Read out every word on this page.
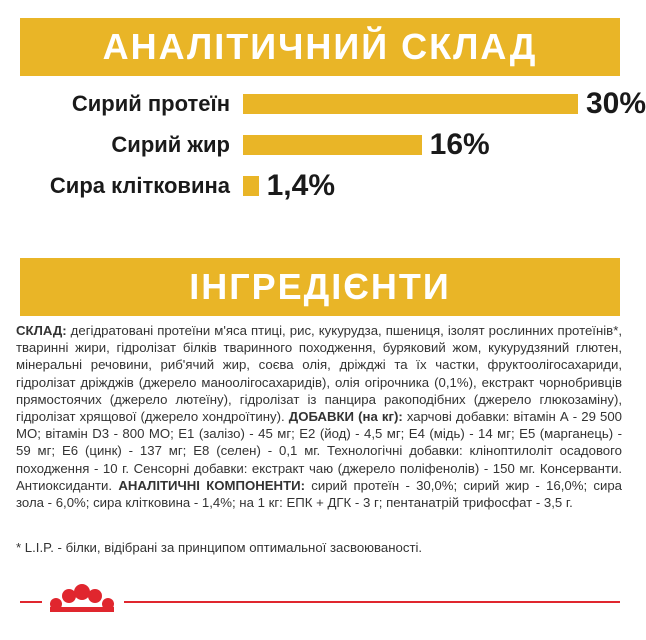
АНАЛІТИЧНИЙ СКЛАД
Сирий протеїн	30%
Сирий жир	16%
Сира клітковина 1,4%
ІНГРЕДІЄНТИ
СКЛАД: дегідратовані протеїни м'яса птиці, рис, кукурудза, пшениця, ізолят рослинних протеїнів*, тваринні жири, гідролізат білків тваринного походження, буряковий жом, кукурудзяний глютен, мінеральні речовини, риб'ячий жир, соєва олія, дріжджі та їх частки, фруктоолігосахариди, гідролізат дріжджів (джерело маноолігосахаридів), олія огірочника (0,1%), екстракт чорнобривців прямостоячих (джерело лютеїну), гідролізат із панцира ракоподібних (джерело глюкозаміну), гідролізат хрящової (джерело хондроїтину). ДОБАВКИ (на кг): харчові добавки: вітамін А - 29 500 МО; вітамін D3 - 800 МО; Е1 (залізо) - 45 мг; Е2 (йод) - 4,5 мг; Е4 (мідь) - 14 мг; Е5 (марганець) - 59 мг; Е6 (цинк) - 137 мг; Е8 (селен) - 0,1 мг. Технологічні добавки: кліноптилоліт осадового походження - 10 г. Сенсорні добавки: екстракт чаю (джерело поліфенолів) - 150 мг. Консерванти. Антиоксиданти. АНАЛІТИЧНІ КОМПОНЕНТИ: сирий протеїн - 30,0%; сирий жир - 16,0%; сира зола - 6,0%; сира клітковина - 1,4%; на 1 кг: ЕПК + ДГК - 3 г; пентанатрій трифосфат - 3,5 г.
* L.I.P. - білки, відібрані за принципом оптимальної засвоюваності.
